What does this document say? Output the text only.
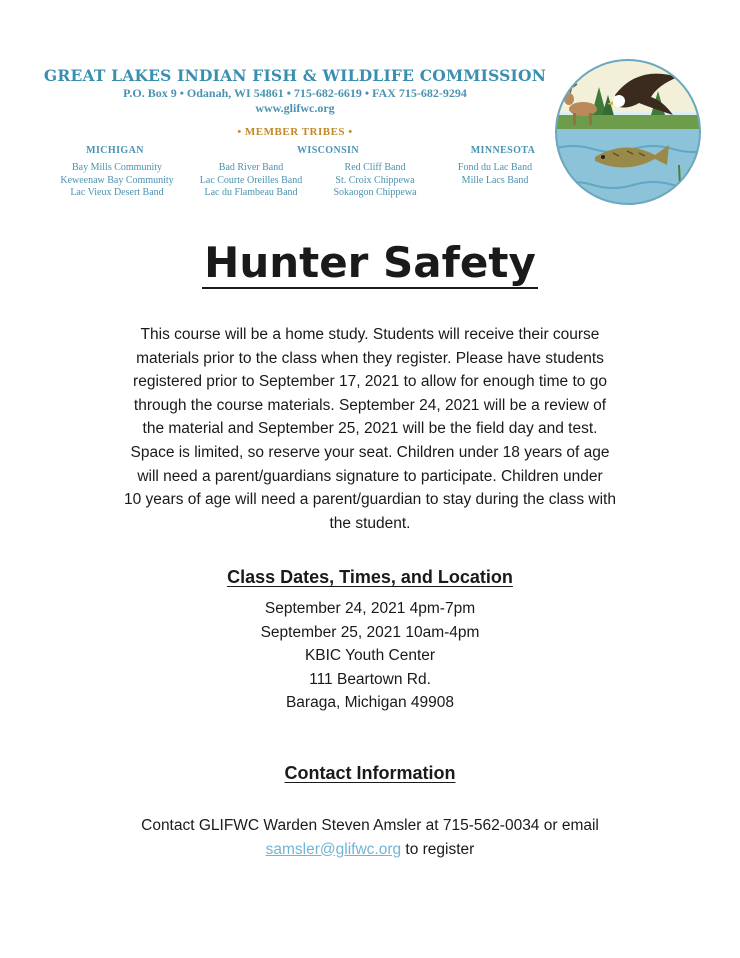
GREAT LAKES INDIAN FISH & WILDLIFE COMMISSION
P.O. Box 9 • Odanah, WI 54861 • 715-682-6619 • FAX 715-682-9294
www.glifwc.org
• MEMBER TRIBES •
MICHIGAN	WISCONSIN	MINNESOTA
Bay Mills Community
Keweenaw Bay Community
Lac Vieux Desert Band
Bad River Band
Lac Courte Oreilles Band
Lac du Flambeau Band
Red Cliff Band
St. Croix Chippewa
Sokaogon Chippewa
Fond du Lac Band
Mille Lacs Band
Hunter Safety
This course will be a home study. Students will receive their course
materials prior to the class when they register. Please have students
registered prior to September 17, 2021 to allow for enough time to go
through the course materials. September 24, 2021 will be a review of
the material and September 25, 2021 will be the field day and test.
Space is limited, so reserve your seat. Children under 18 years of age
will need a parent/guardians signature to participate. Children under
10 years of age will need a parent/guardian to stay during the class with
the student.
Class Dates, Times, and Location
September 24, 2021 4pm-7pm
September 25, 2021 10am-4pm
KBIC Youth Center
111 Beartown Rd.
Baraga, Michigan 49908
Contact Information
Contact GLIFWC Warden Steven Amsler at 715-562-0034 or email
samsler@glifwc.org to register
